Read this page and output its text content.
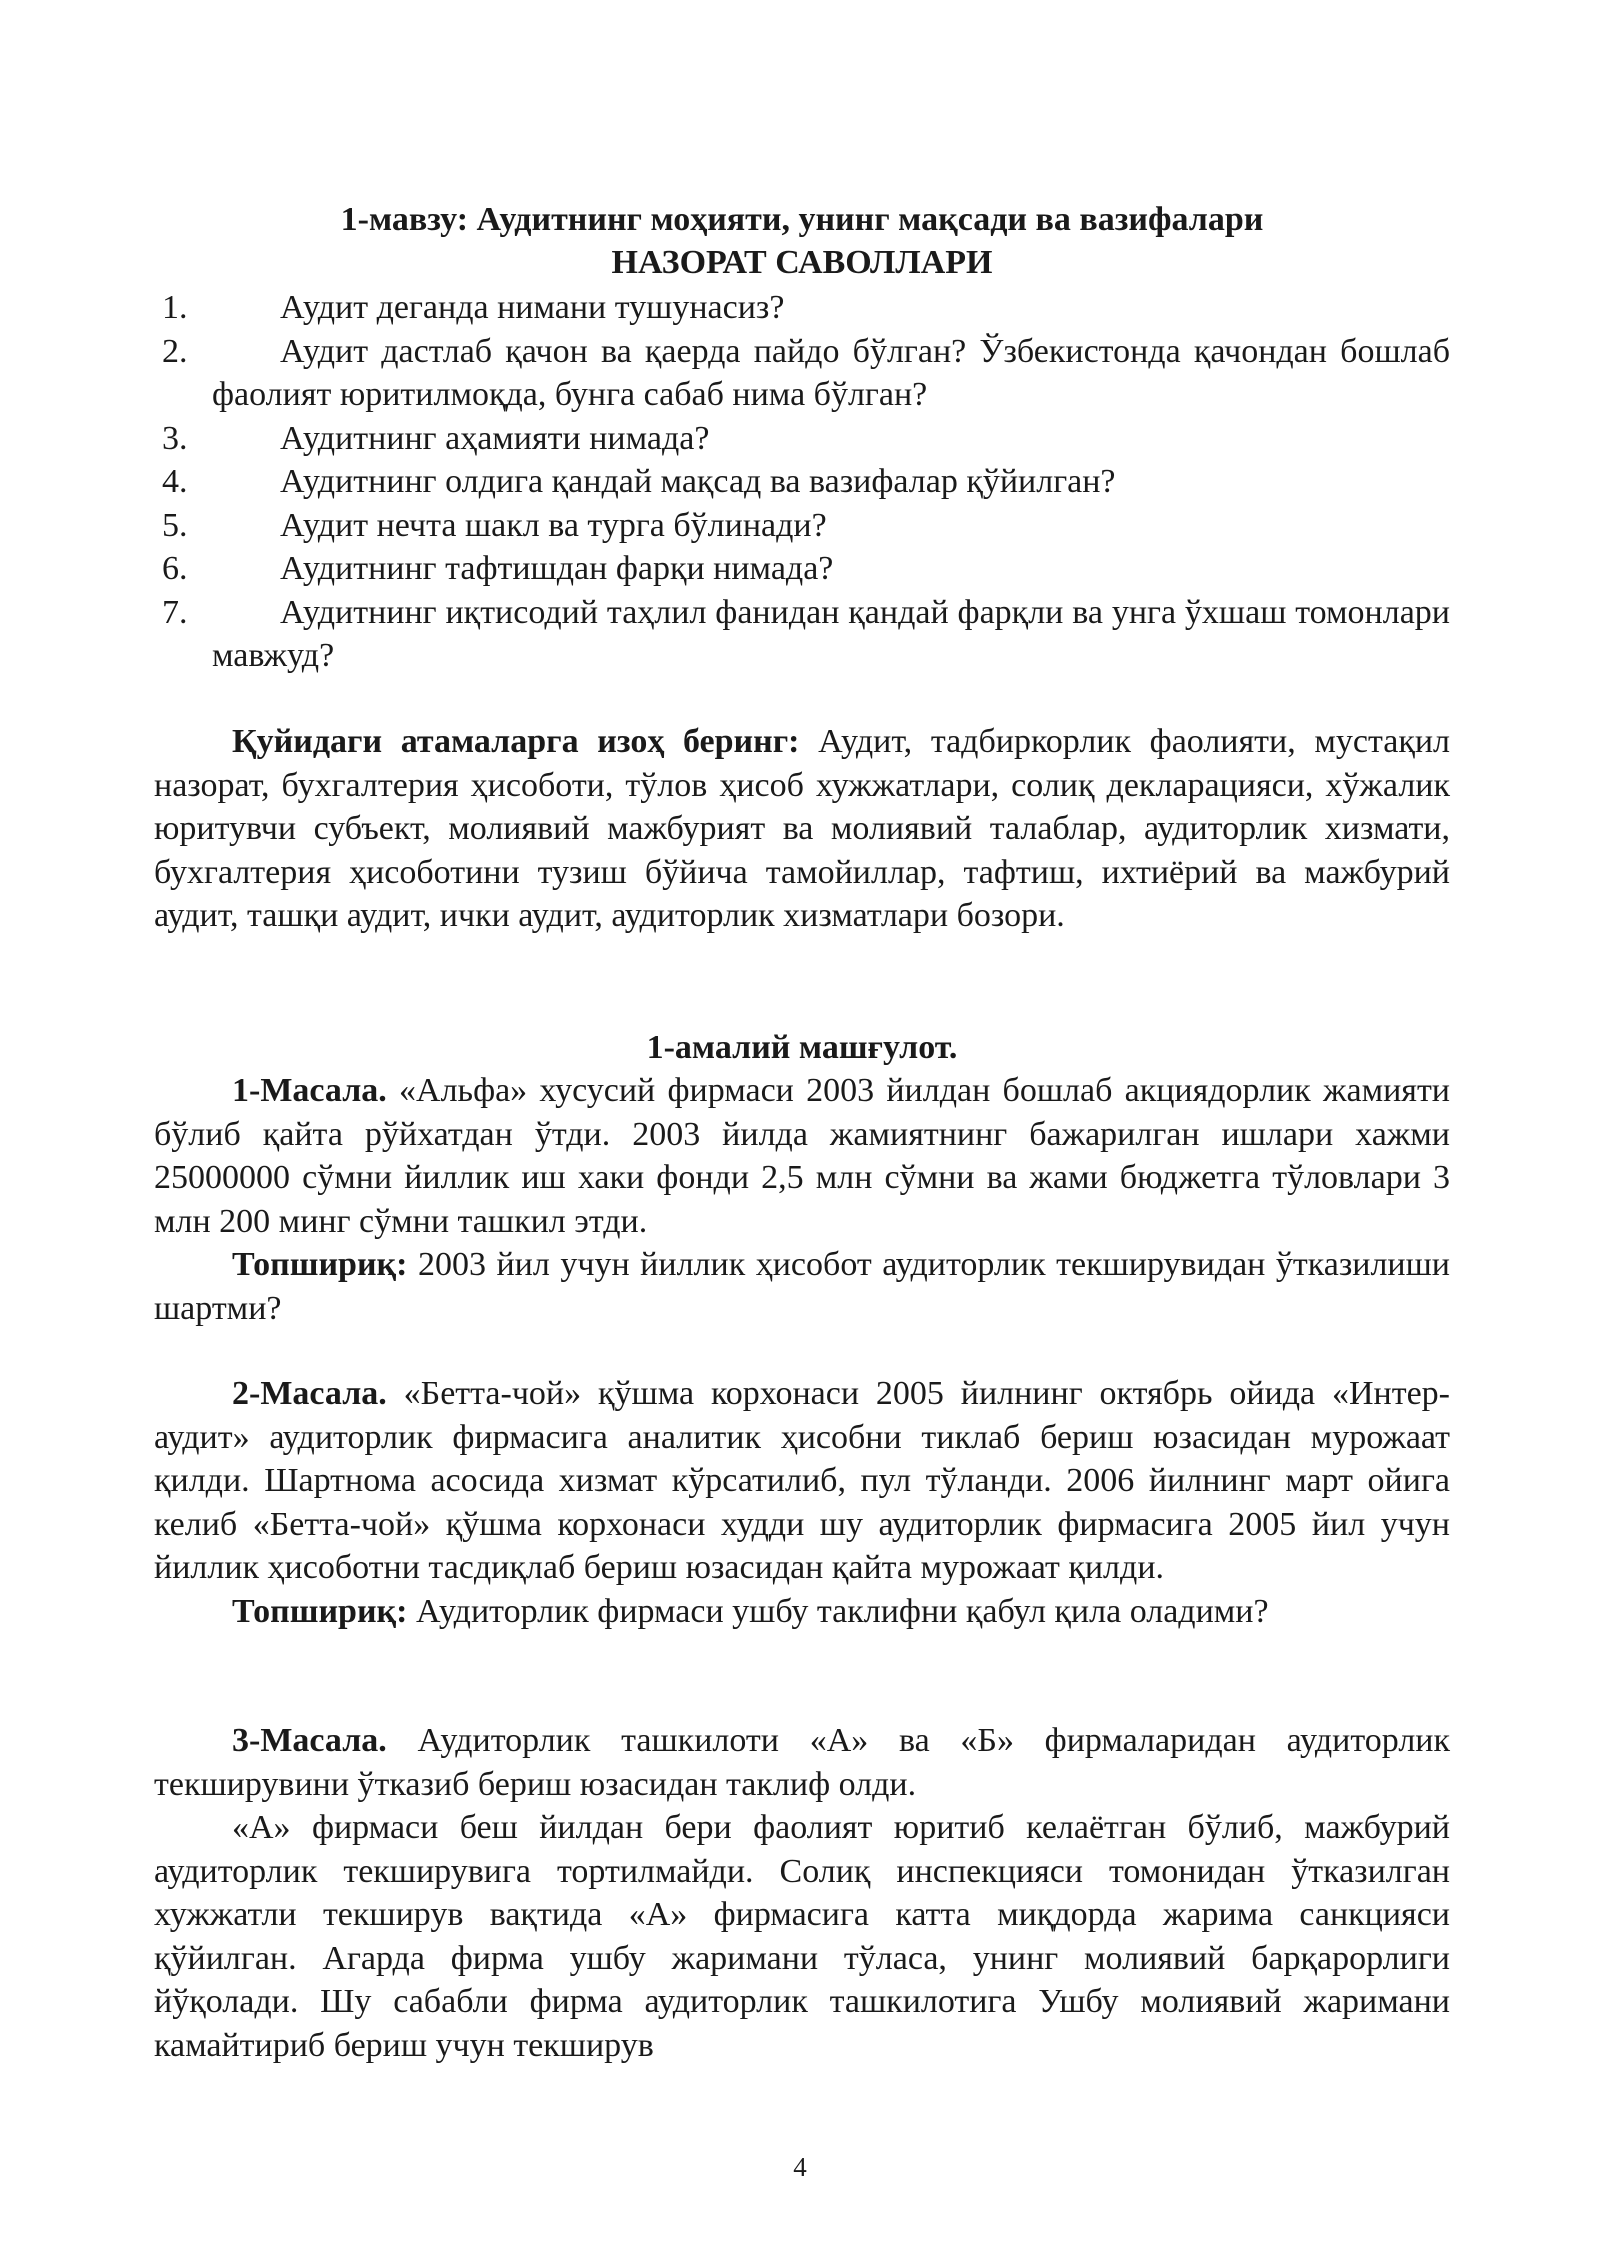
1-мавзу: Аудитнинг моҳияти, унинг мақсади ва вазифалари
НАЗОРАТ САВОЛЛАРИ
1.	Аудит деганда нимани тушунасиз?
2.	Аудит дастлаб қачон ва қаерда пайдо бўлган? Ўзбекистонда қачондан бошлаб фаолият юритилмоқда, бунга сабаб нима бўлган?
3.	Аудитнинг аҳамияти нимада?
4.	Аудитнинг олдига қандай мақсад ва вазифалар қўйилган?
5.	Аудит нечта шакл ва турга бўлинади?
6.	Аудитнинг тафтишдан фарқи нимада?
7.	Аудитнинг иқтисодий таҳлил фанидан қандай фарқли ва унга ўхшаш томонлари мавжуд?
Қуйидаги атамаларга изоҳ беринг: Аудит, тадбиркорлик фаолияти, мустақил назорат, бухгалтерия ҳисоботи, тўлов ҳисоб хужжатлари, солиқ декларацияси, хўжалик юритувчи субъект, молиявий мажбурият ва молиявий талаблар, аудиторлик хизмати, бухгалтерия ҳисоботини тузиш бўйича тамойиллар, тафтиш, ихтиёрий ва мажбурий аудит, ташқи аудит, ички аудит, аудиторлик хизматлари бозори.
1-амалий машғулот.
1-Масала. «Альфа» хусусий фирмаси 2003 йилдан бошлаб акциядорлик жамияти бўлиб қайта рўйхатдан ўтди. 2003 йилда жамиятнинг бажарилган ишлари хажми 25000000 сўмни йиллик иш хаки фонди 2,5 млн сўмни ва жами бюджетга тўловлари 3 млн 200 минг сўмни ташкил этди.
Топшириқ: 2003 йил учун йиллик ҳисобот аудиторлик текширувидан ўтказилиши шартми?
2-Масала. «Бетта-чой» қўшма корхонаси 2005 йилнинг октябрь ойида «Интер-аудит» аудиторлик фирмасига аналитик ҳисобни тиклаб бериш юзасидан мурожаат қилди. Шартнома асосида хизмат кўрсатилиб, пул тўланди. 2006 йилнинг март ойига келиб «Бетта-чой» қўшма корхонаси худди шу аудиторлик фирмасига 2005 йил учун йиллик ҳисоботни тасдиқлаб бериш юзасидан қайта мурожаат қилди.
Топшириқ: Аудиторлик фирмаси ушбу таклифни қабул қила оладими?
3-Масала. Аудиторлик ташкилоти «А» ва «Б» фирмаларидан аудиторлик текширувини ўтказиб бериш юзасидан таклиф олди.
«А» фирмаси беш йилдан бери фаолият юритиб келаётган бўлиб, мажбурий аудиторлик текширувига тортилмайди. Солиқ инспекцияси томонидан ўтказилган хужжатли текширув вақтида «А» фирмасига катта миқдорда жарима санкцияси қўйилган. Агарда фирма ушбу жаримани тўласа, унинг молиявий барқарорлиги йўқолади. Шу сабабли фирма аудиторлик ташкилотига Ушбу молиявий жаримани камайтириб бериш учун текширув
4
